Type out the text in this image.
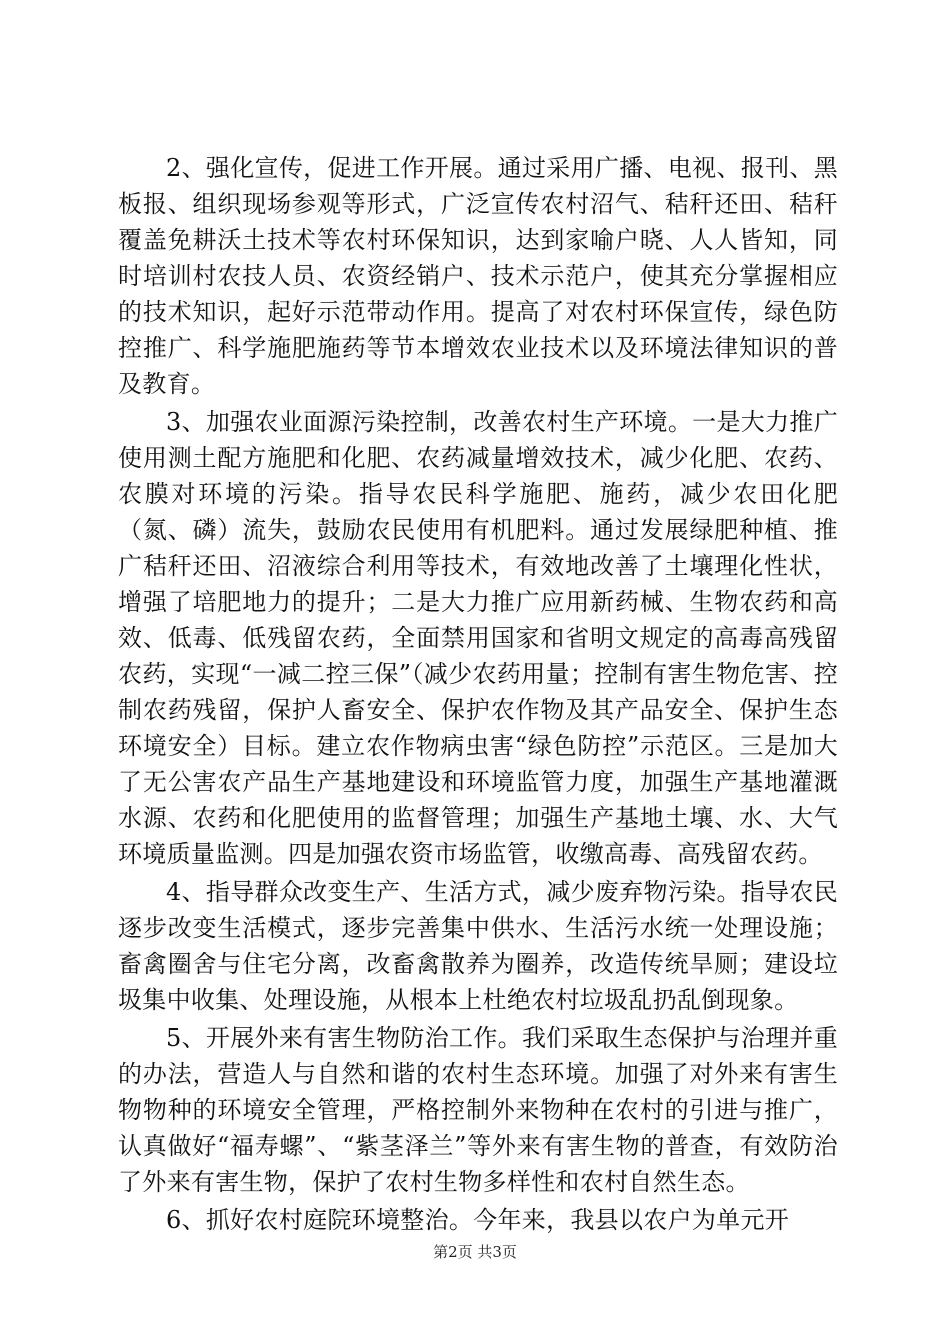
2、强化宣传，促进工作开展。通过采用广播、电视、报刊、黑板报、组织现场参观等形式，广泛宣传农村沼气、秸秆还田、秸秆覆盖免耕沃土技术等农村环保知识，达到家喻户晓、人人皆知，同时培训村农技人员、农资经销户、技术示范户，使其充分掌握相应的技术知识，起好示范带动作用。提高了对农村环保宣传，绿色防控推广、科学施肥施药等节本增效农业技术以及环境法律知识的普及教育。

3、加强农业面源污染控制，改善农村生产环境。一是大力推广使用测土配方施肥和化肥、农药减量增效技术，减少化肥、农药、农膜对环境的污染。指导农民科学施肥、施药，减少农田化肥（氮、磷）流失，鼓励农民使用有机肥料。通过发展绿肥种植、推广秸秆还田、沼液综合利用等技术，有效地改善了土壤理化性状，增强了培肥地力的提升；二是大力推广应用新药械、生物农药和高效、低毒、低残留农药，全面禁用国家和省明文规定的高毒高残留农药，实现“一减二控三保”（减少农药用量；控制有害生物危害、控制农药残留，保护人畜安全、保护农作物及其产品安全、保护生态环境安全）目标。建立农作物病虫害“绿色防控”示范区。三是加大了无公害农产品生产基地建设和环境监管力度，加强生产基地灌溉水源、农药和化肥使用的监督管理；加强生产基地土壤、水、大气环境质量监测。四是加强农资市场监管，收缴高毒、高残留农药。

4、指导群众改变生产、生活方式，减少废弃物污染。指导农民逐步改变生活模式，逐步完善集中供水、生活污水统一处理设施；畜禽圈舍与住宅分离，改畜禽散养为圈养，改造传统旱厕；建设垃圾集中收集、处理设施，从根本上杜绝农村垃圾乱扔乱倒现象。

5、开展外来有害生物防治工作。我们采取生态保护与治理并重的办法，营造人与自然和谐的农村生态环境。加强了对外来有害生物物种的环境安全管理，严格控制外来物种在农村的引进与推广，认真做好“福寿螺”、“紫茎泽兰”等外来有害生物的普查，有效防治了外来有害生物，保护了农村生物多样性和农村自然生态。

6、抓好农村庭院环境整治。今年来，我县以农户为单元开

第2页 共3页
